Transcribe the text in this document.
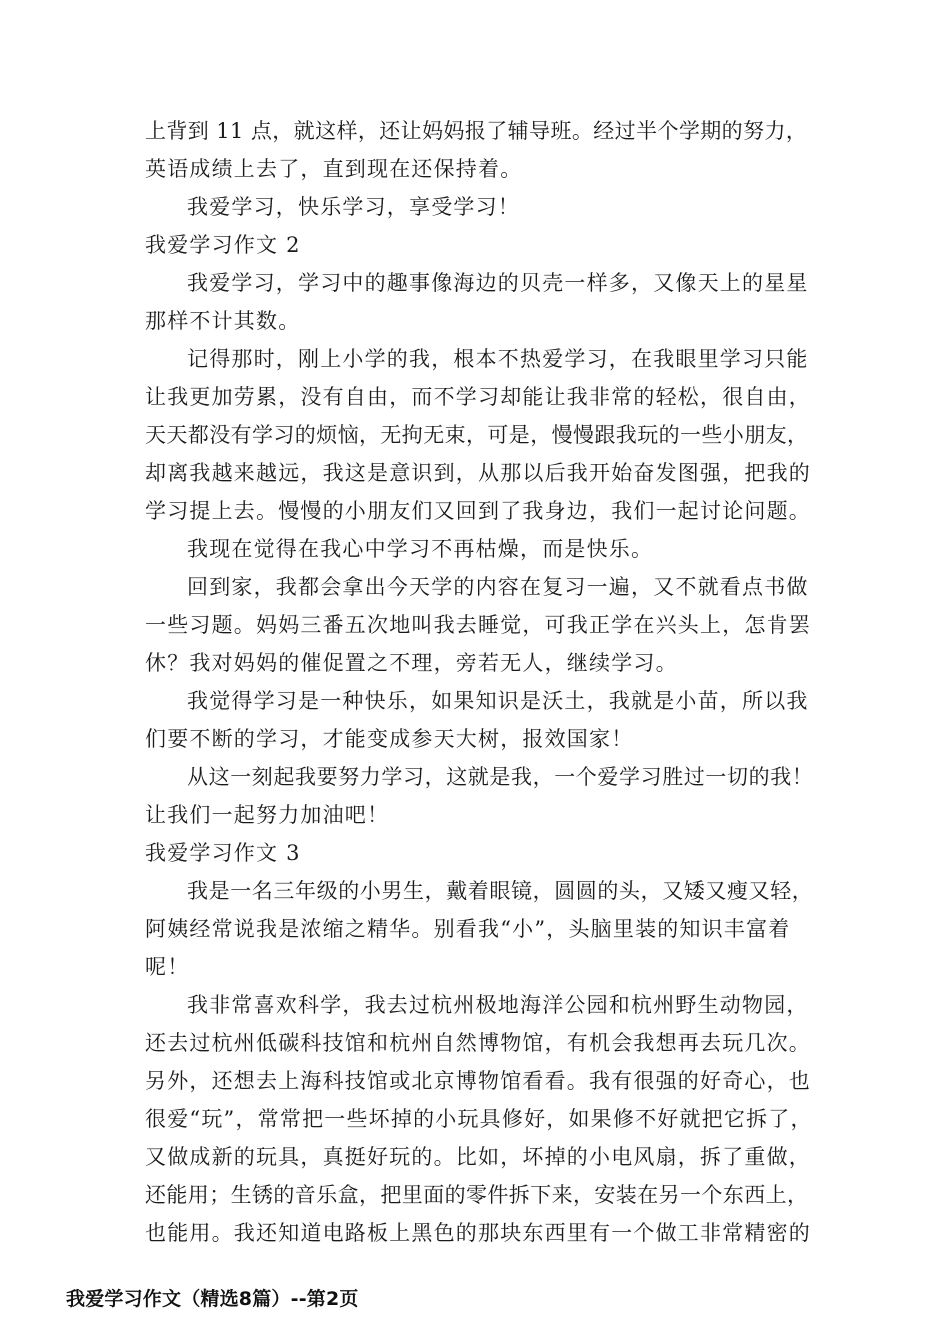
上背到 11 点，就这样，还让妈妈报了辅导班。经过半个学期的努力，
英语成绩上去了，直到现在还保持着。
我爱学习，快乐学习，享受学习！
我爱学习作文 2
我爱学习，学习中的趣事像海边的贝壳一样多，又像天上的星星
那样不计其数。
记得那时，刚上小学的我，根本不热爱学习，在我眼里学习只能
让我更加劳累，没有自由，而不学习却能让我非常的轻松，很自由，
天天都没有学习的烦恼，无拘无束，可是，慢慢跟我玩的一些小朋友，
却离我越来越远，我这是意识到，从那以后我开始奋发图强，把我的
学习提上去。慢慢的小朋友们又回到了我身边，我们一起讨论问题。
我现在觉得在我心中学习不再枯燥，而是快乐。
回到家，我都会拿出今天学的内容在复习一遍，又不就看点书做
一些习题。妈妈三番五次地叫我去睡觉，可我正学在兴头上，怎肯罢
休？我对妈妈的催促置之不理，旁若无人，继续学习。
我觉得学习是一种快乐，如果知识是沃土，我就是小苗，所以我
们要不断的学习，才能变成参天大树，报效国家！
从这一刻起我要努力学习，这就是我，一个爱学习胜过一切的我！
让我们一起努力加油吧！
我爱学习作文 3
我是一名三年级的小男生，戴着眼镜，圆圆的头，又矮又瘦又轻，
阿姨经常说我是浓缩之精华。别看我“小”，头脑里装的知识丰富着
呢！
我非常喜欢科学，我去过杭州极地海洋公园和杭州野生动物园，
还去过杭州低碳科技馆和杭州自然博物馆，有机会我想再去玩几次。
另外，还想去上海科技馆或北京博物馆看看。我有很强的好奇心，也
很爱“玩”，常常把一些坏掉的小玩具修好，如果修不好就把它拆了，
又做成新的玩具，真挺好玩的。比如，坏掉的小电风扇，拆了重做，
还能用；生锈的音乐盒，把里面的零件拆下来，安装在另一个东西上，
也能用。我还知道电路板上黑色的那块东西里有一个做工非常精密的
我爱学习作文（精选8篇）--第2页
